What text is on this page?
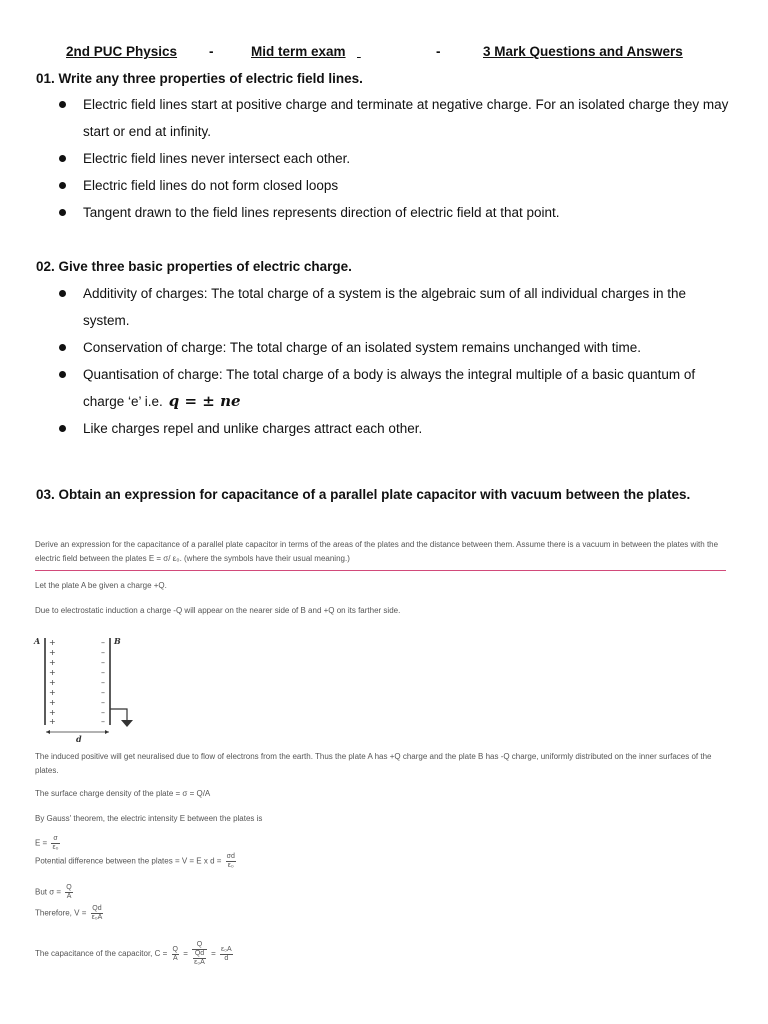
2nd PUC Physics -	Mid term exam
	-	3 Mark Questions and Answers
01. Write any three properties of electric field lines.
Electric field lines start at positive charge and terminate at negative charge. For an isolated charge they may start or end at infinity.
Electric field lines never intersect each other.
Electric field lines do not form closed loops
Tangent drawn to the field lines represents direction of electric field at that point.
02. Give three basic properties of electric charge.
Additivity of charges: The total charge of a system is the algebraic sum of all individual charges in the system.
Conservation of charge: The total charge of an isolated system remains unchanged with time.
Quantisation of charge: The total charge of a body is always the integral multiple of a basic quantum of charge ‘e’ i.e. q = ± ne
Like charges repel and unlike charges attract each other.
03. Obtain an expression for capacitance of a parallel plate capacitor with vacuum between the plates.
Derive an expression for the capacitance of a parallel plate capacitor in terms of the areas of the plates and the distance between them. Assume there is a vacuum in between the plates with the electric field between the plates E = σ/ ε₀. (where the symbols have their usual meaning.)
Let the plate A be given a charge +Q.
Due to electrostatic induction a charge -Q will appear on the nearer side of B and +Q on its farther side.
A	B
+
+
+
+
+
+
+
+
+
–
–
–
–
–
–
–
–
–
d
The induced positive will get neuralised due to flow of electrons from the earth. Thus the plate A has +Q charge and the plate B has -Q charge, uniformly distributed on the inner surfaces of the plates.
The surface charge density of the plate = σ = Q/A
By Gauss' theorem, the electric intensity E between the plates is
$E = \frac{\sigma}{\text{ε₀}}$
Potential difference between the plates = V = E x $d = \frac{\sigma d}{\text{ε₀}}$
But $\sigma = \frac{Q}{A}$
Therefore, $V = \frac{Qd}{\text{ε₀A}}$
The capacitance of the capacitor, $C = \frac{Q}{A} = \frac{Q}{\frac{Qd}{\text{ε₀A}}} = \frac{\text{ε₀A}}{d}$
